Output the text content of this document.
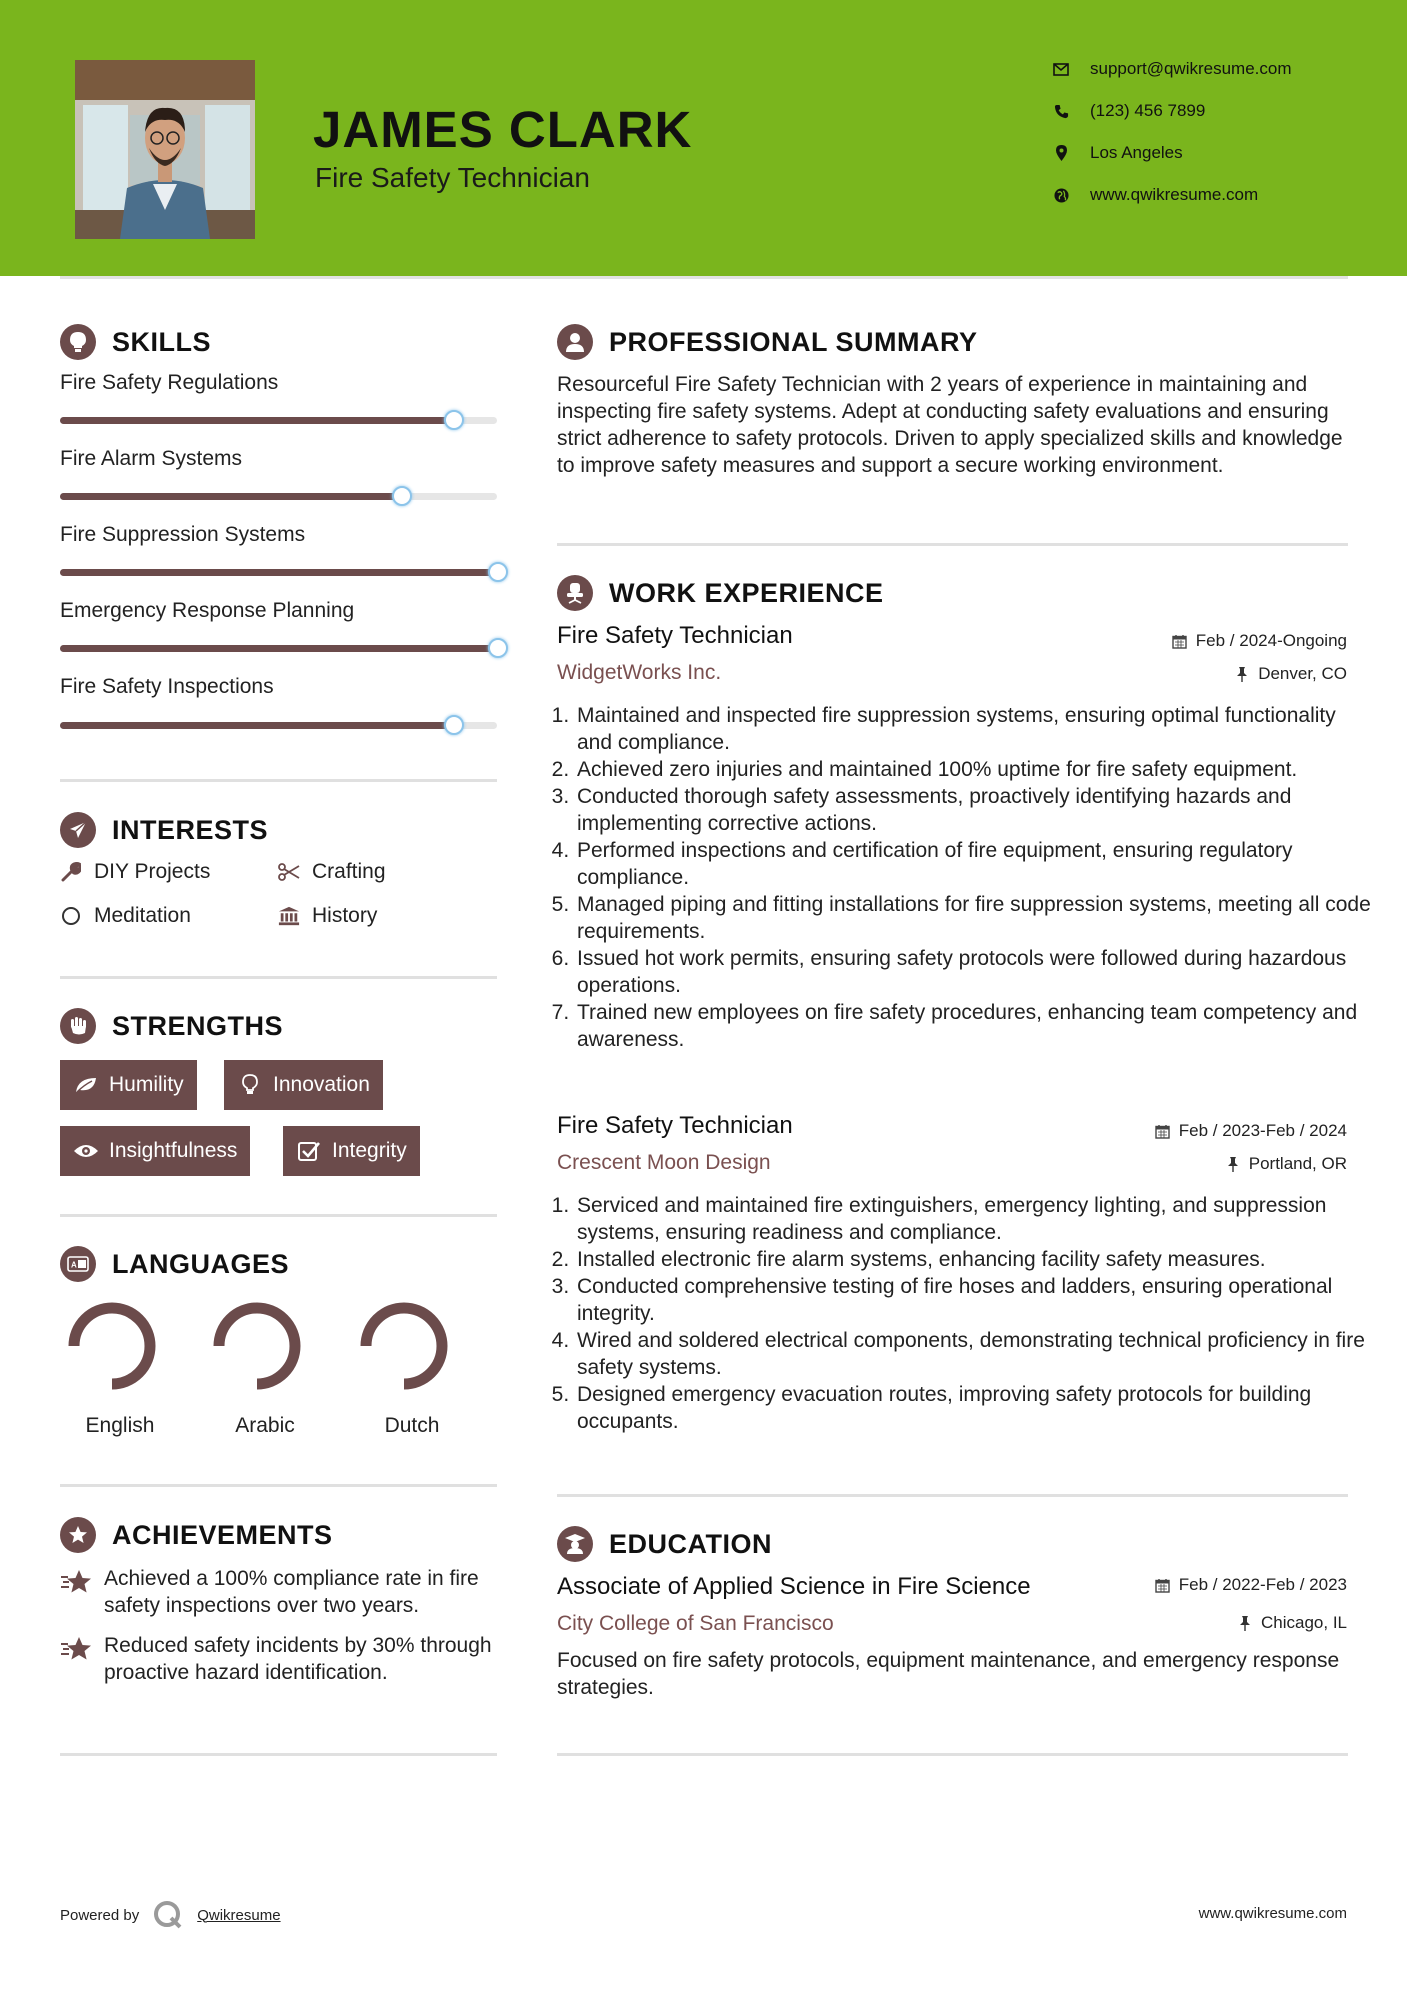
JAMES CLARK
Fire Safety Technician
support@qwikresume.com
(123) 456 7899
Los Angeles
www.qwikresume.com
SKILLS
Fire Safety Regulations
Fire Alarm Systems
Fire Suppression Systems
Emergency Response Planning
Fire Safety Inspections
INTERESTS
DIY Projects	Crafting
Meditation	History
STRENGTHS
Humility	Innovation
Insightfulness	Integrity
A LANGUAGES
English	Arabic	Dutch
ACHIEVEMENTS
Achieved a 100% compliance rate in fire safety inspections over two years.
Reduced safety incidents by 30% through proactive hazard identification.
PROFESSIONAL SUMMARY
Resourceful Fire Safety Technician with 2 years of experience in maintaining and inspecting fire safety systems. Adept at conducting safety evaluations and ensuring strict adherence to safety protocols. Driven to apply specialized skills and knowledge to improve safety measures and support a secure working environment.
WORK EXPERIENCE
Fire Safety Technician	Feb / 2024-Ongoing
WidgetWorks Inc.	Denver, CO
1. Maintained and inspected fire suppression systems, ensuring optimal functionality and compliance.
2. Achieved zero injuries and maintained 100% uptime for fire safety equipment.
3. Conducted thorough safety assessments, proactively identifying hazards and implementing corrective actions.
4. Performed inspections and certification of fire equipment, ensuring regulatory compliance.
5. Managed piping and fitting installations for fire suppression systems, meeting all code requirements.
6. Issued hot work permits, ensuring safety protocols were followed during hazardous operations.
7. Trained new employees on fire safety procedures, enhancing team competency and awareness.
Fire Safety Technician	Feb / 2023-Feb / 2024
Crescent Moon Design	Portland, OR
1. Serviced and maintained fire extinguishers, emergency lighting, and suppression systems, ensuring readiness and compliance.
2. Installed electronic fire alarm systems, enhancing facility safety measures.
3. Conducted comprehensive testing of fire hoses and ladders, ensuring operational integrity.
4. Wired and soldered electrical components, demonstrating technical proficiency in fire safety systems.
5. Designed emergency evacuation routes, improving safety protocols for building occupants.
EDUCATION
Associate of Applied Science in Fire Science	Feb / 2022-Feb / 2023
City College of San Francisco	Chicago, IL
Focused on fire safety protocols, equipment maintenance, and emergency response strategies.
Powered by	Qwikresume	www.qwikresume.com
